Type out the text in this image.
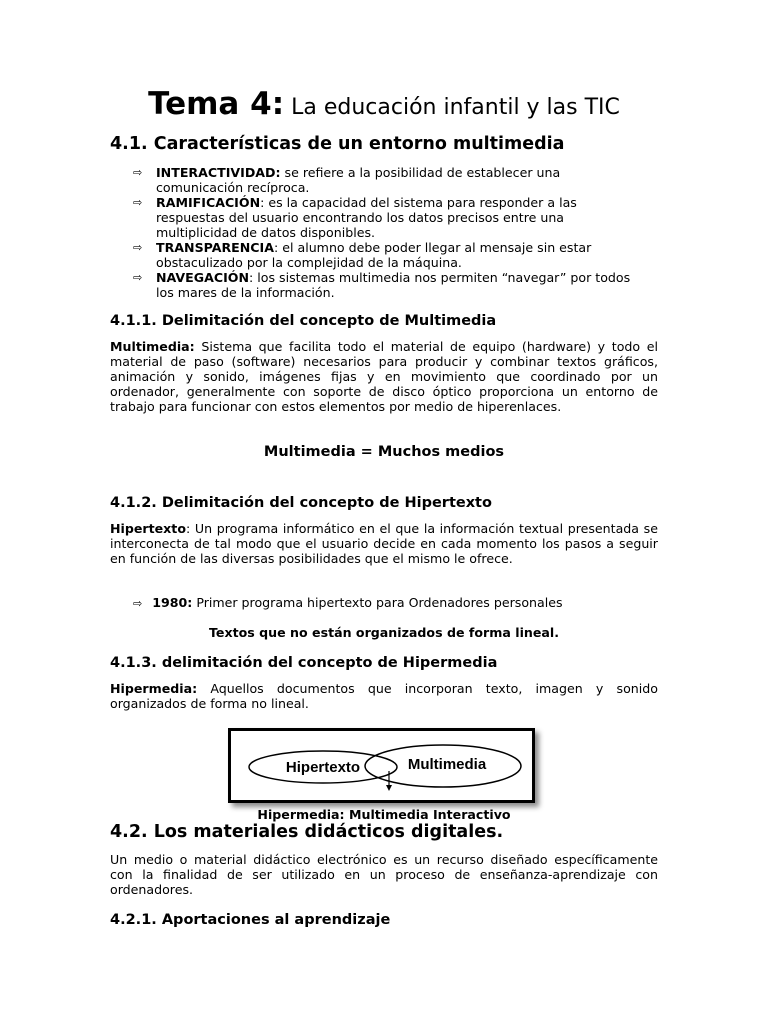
Tema 4: La educación infantil y las TIC
4.1. Características de un entorno multimedia
⇨ INTERACTIVIDAD: se refiere a la posibilidad de establecer una comunicación recíproca.
⇨ RAMIFICACIÓN: es la capacidad del sistema para responder a las respuestas del usuario encontrando los datos precisos entre una multiplicidad de datos disponibles.
⇨ TRANSPARENCIA: el alumno debe poder llegar al mensaje sin estar obstaculizado por la complejidad de la máquina.
⇨ NAVEGACIÓN: los sistemas multimedia nos permiten “navegar” por todos los mares de la información.
4.1.1. Delimitación del concepto de Multimedia

Multimedia: Sistema que facilita todo el material de equipo (hardware) y todo el material de paso (software) necesarios para producir y combinar textos gráficos, animación y sonido, imágenes fijas y en movimiento que coordinado por un ordenador, generalmente con soporte de disco óptico proporciona un entorno de trabajo para funcionar con estos elementos por medio de hiperenlaces.

Multimedia = Muchos medios
4.1.2. Delimitación del concepto de Hipertexto

Hipertexto: Un programa informático en el que la información textual presentada se interconecta de tal modo que el usuario decide en cada momento los pasos a seguir en función de las diversas posibilidades que el mismo le ofrece.

⇨ 1980: Primer programa hipertexto para Ordenadores personales
Textos que no están organizados de forma lineal.
4.1.3. delimitación del concepto de Hipermedia

Hipermedia: Aquellos documentos que incorporan texto, imagen y sonido organizados de forma no lineal.

Hipertexto	Multimedia
Hipermedia: Multimedia Interactivo
4.2. Los materiales didácticos digitales.

Un medio o material didáctico electrónico es un recurso diseñado específicamente con la finalidad de ser utilizado en un proceso de enseñanza-aprendizaje con ordenadores.

4.2.1. Aportaciones al aprendizaje
